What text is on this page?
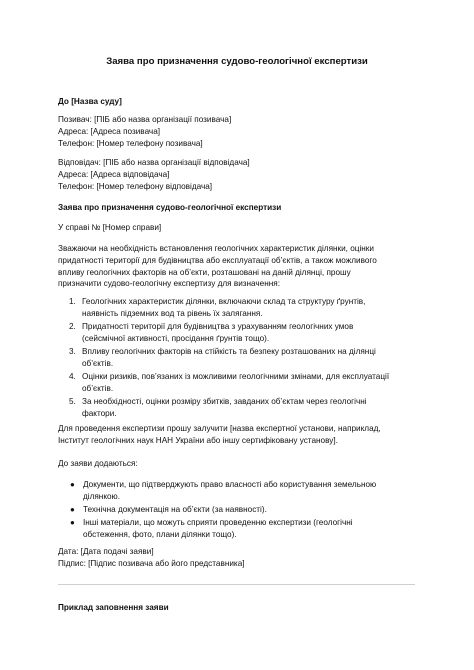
Заява про призначення судово-геологічної експертизи
До [Назва суду]
Позивач: [ПІБ або назва організації позивача]
Адреса: [Адреса позивача]
Телефон: [Номер телефону позивача]
Відповідач: [ПІБ або назва організації відповідача]
Адреса: [Адреса відповідача]
Телефон: [Номер телефону відповідача]
Заява про призначення судово-геологічної експертизи
У справі № [Номер справи]
Зважаючи на необхідність встановлення геологічних характеристик ділянки, оцінки
придатності території для будівництва або експлуатації об’єктів, а також можливого
впливу геологічних факторів на об’єкти, розташовані на даній ділянці, прошу
призначити судово-геологічну експертизу для визначення:
1. Геологічних характеристик ділянки, включаючи склад та структуру ґрунтів,
наявність підземних вод та рівень їх залягання.
2. Придатності території для будівництва з урахуванням геологічних умов
(сейсмічної активності, просідання ґрунтів тощо).
3. Впливу геологічних факторів на стійкість та безпеку розташованих на ділянці
об’єктів.
4. Оцінки ризиків, пов’язаних із можливими геологічними змінами, для експлуатації
об’єктів.
5. За необхідності, оцінки розміру збитків, завданих об’єктам через геологічні
фактори.
Для проведення експертизи прошу залучити [назва експертної установи, наприклад,
Інститут геологічних наук НАН України або іншу сертифіковану установу].
До заяви додаються:
● Документи, що підтверджують право власності або користування земельною
ділянкою.
● Технічна документація на об’єкти (за наявності).
● Інші матеріали, що можуть сприяти проведенню експертизи (геологічні
обстеження, фото, плани ділянки тощо).
Дата: [Дата подачі заяви]
Підпис: [Підпис позивача або його представника]
Приклад заповнення заяви
